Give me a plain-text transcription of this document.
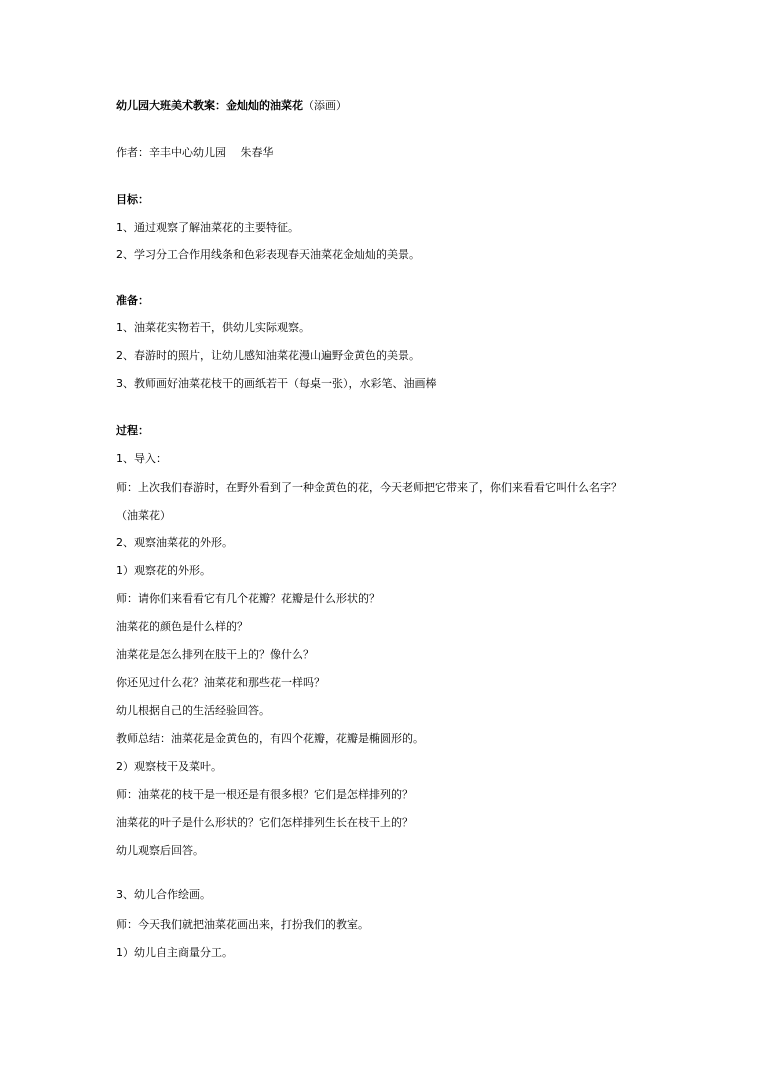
幼儿园大班美术教案：金灿灿的油菜花（添画）
作者：辛丰中心幼儿园　 朱春华
目标：
1、通过观察了解油菜花的主要特征。
2、学习分工合作用线条和色彩表现春天油菜花金灿灿的美景。
准备：
1、油菜花实物若干，供幼儿实际观察。
2、春游时的照片，让幼儿感知油菜花漫山遍野金黄色的美景。
3、教师画好油菜花枝干的画纸若干（每桌一张），水彩笔、油画棒
过程：
1、导入：
师：上次我们春游时，在野外看到了一种金黄色的花，今天老师把它带来了，你们来看看它叫什么名字？
（油菜花）
2、观察油菜花的外形。
1）观察花的外形。
师：请你们来看看它有几个花瓣？花瓣是什么形状的？
油菜花的颜色是什么样的？
油菜花是怎么排列在肢干上的？像什么？
你还见过什么花？油菜花和那些花一样吗？
幼儿根据自己的生活经验回答。
教师总结：油菜花是金黄色的，有四个花瓣，花瓣是椭圆形的。
2）观察枝干及菜叶。
师：油菜花的枝干是一根还是有很多根？它们是怎样排列的？
油菜花的叶子是什么形状的？它们怎样排列生长在枝干上的？
幼儿观察后回答。
3、幼儿合作绘画。
师：今天我们就把油菜花画出来，打扮我们的教室。
1）幼儿自主商量分工。
